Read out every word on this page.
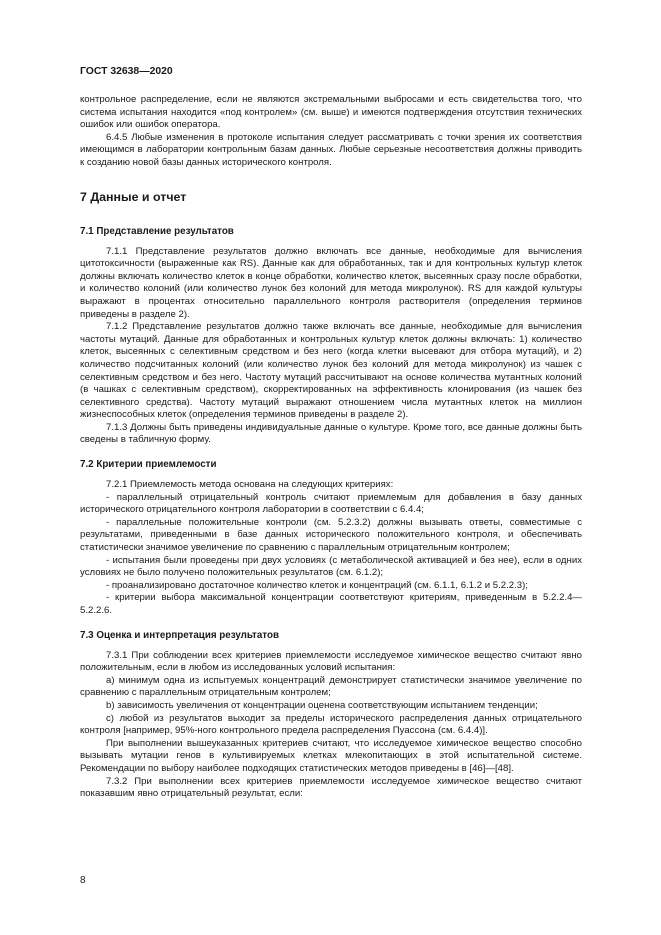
ГОСТ 32638—2020

контрольное распределение, если не являются экстремальными выбросами и есть свидетельства того, что система испытания находится «под контролем» (см. выше) и имеются подтверждения отсутствия технических ошибок или ошибок оператора.

6.4.5 Любые изменения в протоколе испытания следует рассматривать с точки зрения их соответствия имеющимся в лаборатории контрольным базам данных. Любые серьезные несоответствия должны приводить к созданию новой базы данных исторического контроля.

7 Данные и отчет
7.1 Представление результатов

7.1.1 Представление результатов должно включать все данные, необходимые для вычисления цитотоксичности (выраженные как RS). Данные как для обработанных, так и для контрольных культур клеток должны включать количество клеток в конце обработки, количество клеток, высеянных сразу после обработки, и количество колоний (или количество лунок без колоний для метода микролунок). RS для каждой культуры выражают в процентах относительно параллельного контроля растворителя (определения терминов приведены в разделе 2).

7.1.2 Представление результатов должно также включать все данные, необходимые для вычисления частоты мутаций. Данные для обработанных и контрольных культур клеток должны включать: 1) количество клеток, высеянных с селективным средством и без него (когда клетки высевают для отбора мутаций), и 2) количество подсчитанных колоний (или количество лунок без колоний для метода микролунок) из чашек с селективным средством и без него. Частоту мутаций рассчитывают на основе количества мутантных колоний (в чашках с селективным средством), скорректированных на эффективность клонирования (из чашек без селективного средства). Частоту мутаций выражают отношением числа мутантных клеток на миллион жизнеспособных клеток (определения терминов приведены в разделе 2).

7.1.3 Должны быть приведены индивидуальные данные о культуре. Кроме того, все данные должны быть сведены в табличную форму.

7.2 Критерии приемлемости

7.2.1 Приемлемость метода основана на следующих критериях:

- параллельный отрицательный контроль считают приемлемым для добавления в базу данных исторического отрицательного контроля лаборатории в соответствии с 6.4.4;

- параллельные положительные контроли (см. 5.2.3.2) должны вызывать ответы, совместимые с результатами, приведенными в базе данных исторического положительного контроля, и обеспечивать статистически значимое увеличение по сравнению с параллельным отрицательным контролем;

- испытания были проведены при двух условиях (с метаболической активацией и без нее), если в одних условиях не было получено положительных результатов (см. 6.1.2);

- проанализировано достаточное количество клеток и концентраций (см. 6.1.1, 6.1.2 и 5.2.2.3);

- критерии выбора максимальной концентрации соответствуют критериям, приведенным в 5.2.2.4—5.2.2.6.

7.3 Оценка и интерпретация результатов

7.3.1 При соблюдении всех критериев приемлемости исследуемое химическое вещество считают явно положительным, если в любом из исследованных условий испытания:

a) минимум одна из испытуемых концентраций демонстрирует статистически значимое увеличение по сравнению с параллельным отрицательным контролем;

b) зависимость увеличения от концентрации оценена соответствующим испытанием тенденции;

c) любой из результатов выходит за пределы исторического распределения данных отрицательного контроля [например, 95%-ного контрольного предела распределения Пуассона (см. 6.4.4)].

При выполнении вышеуказанных критериев считают, что исследуемое химическое вещество способно вызывать мутации генов в культивируемых клетках млекопитающих в этой испытательной системе. Рекомендации по выбору наиболее подходящих статистических методов приведены в [46]—[48].

7.3.2 При выполнении всех критериев приемлемости исследуемое химическое вещество считают показавшим явно отрицательный результат, если:

8
